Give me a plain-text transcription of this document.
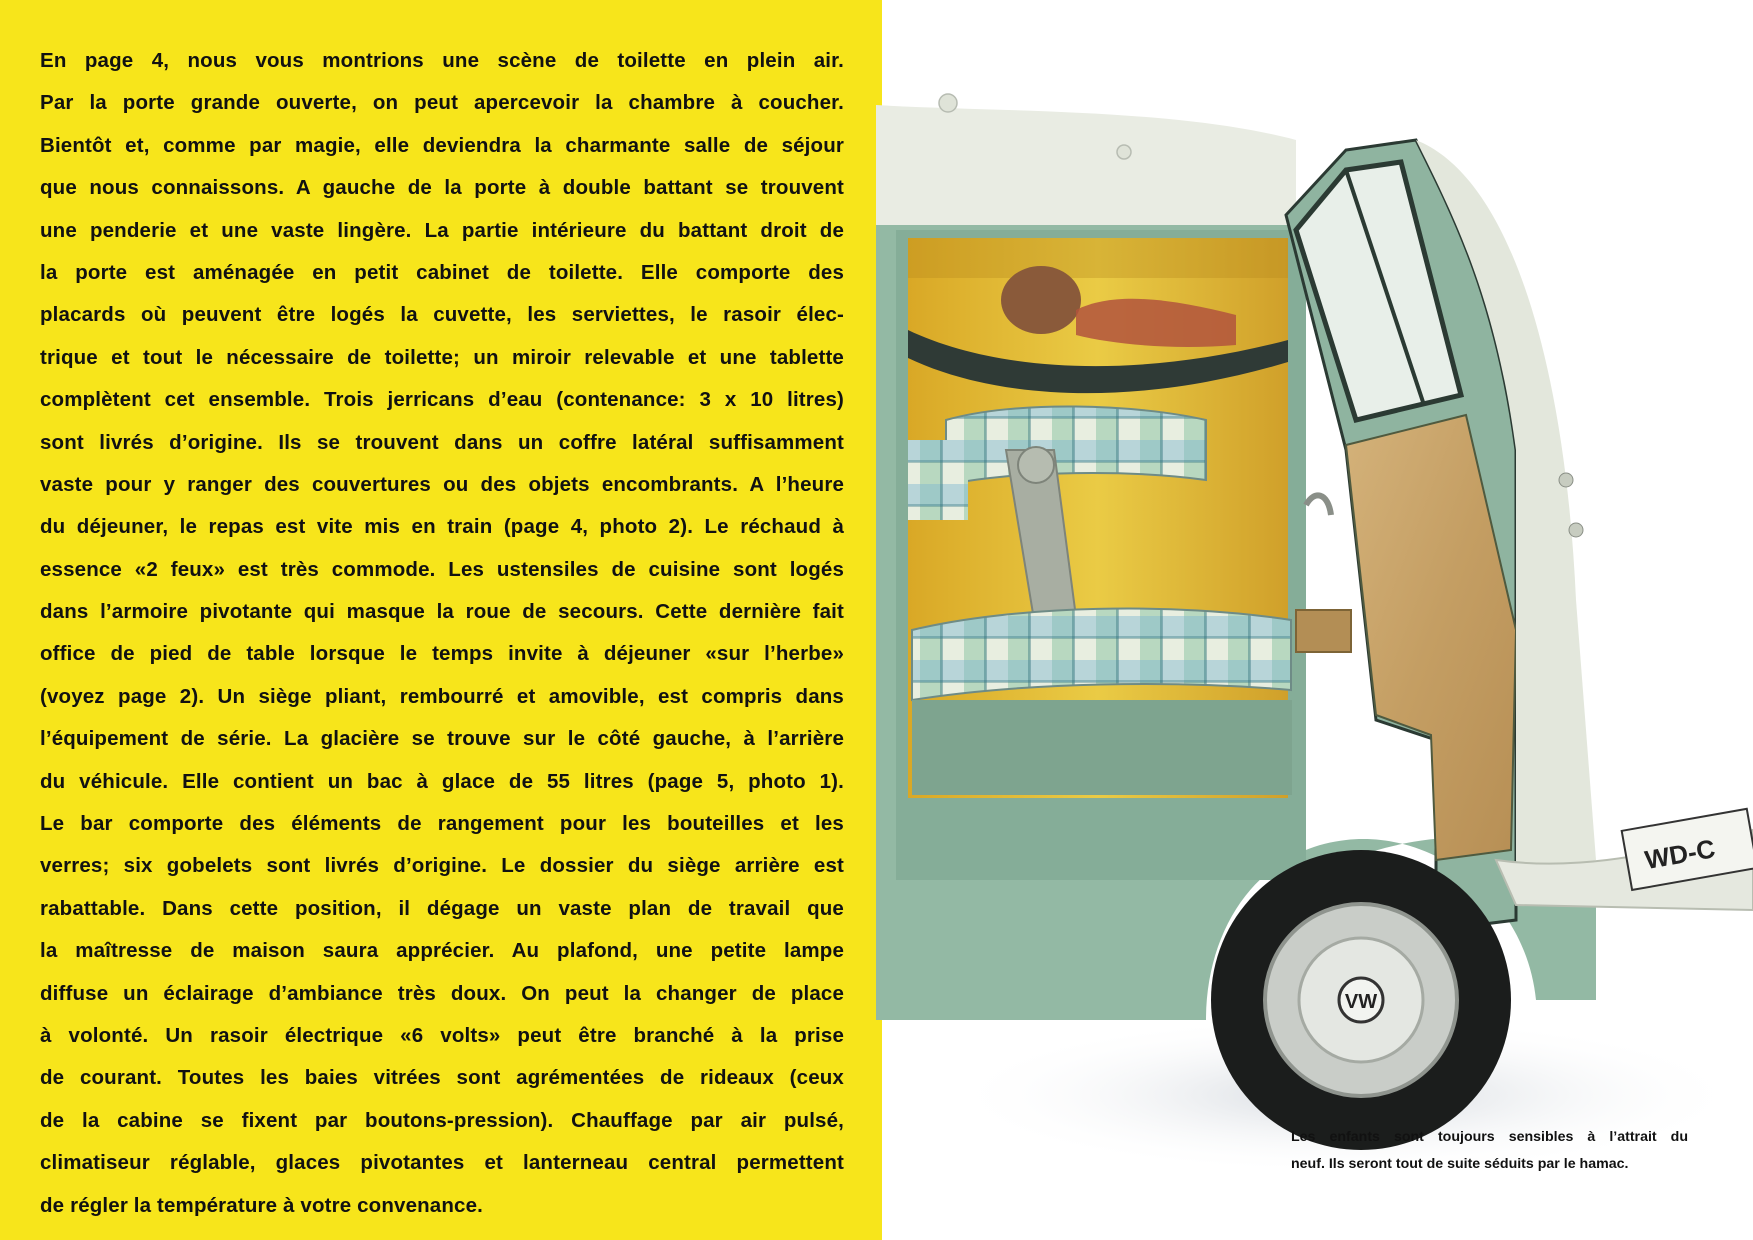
En page 4, nous vous montrions une scène de toilette en plein air.
Par la porte grande ouverte, on peut apercevoir la chambre à coucher.
Bientôt et, comme par magie, elle deviendra la charmante salle de séjour
que nous connaissons. A gauche de la porte à double battant se trouvent
une penderie et une vaste lingère. La partie intérieure du battant droit de
la porte est aménagée en petit cabinet de toilette. Elle comporte des
placards où peuvent être logés la cuvette, les serviettes, le rasoir élec-
trique et tout le nécessaire de toilette; un miroir relevable et une tablette
complètent cet ensemble. Trois jerricans d’eau (contenance: 3 x 10 litres)
sont livrés d’origine. Ils se trouvent dans un coffre latéral suffisamment
vaste pour y ranger des couvertures ou des objets encombrants. A l’heure
du déjeuner, le repas est vite mis en train (page 4, photo 2). Le réchaud à
essence «2 feux» est très commode. Les ustensiles de cuisine sont logés
dans l’armoire pivotante qui masque la roue de secours. Cette dernière fait
office de pied de table lorsque le temps invite à déjeuner «sur l’herbe»
(voyez page 2). Un siège pliant, rembourré et amovible, est compris dans
l’équipement de série. La glacière se trouve sur le côté gauche, à l’arrière
du véhicule. Elle contient un bac à glace de 55 litres (page 5, photo 1).
Le bar comporte des éléments de rangement pour les bouteilles et les
verres; six gobelets sont livrés d’origine. Le dossier du siège arrière est
rabattable. Dans cette position, il dégage un vaste plan de travail que
la maîtresse de maison saura apprécier. Au plafond, une petite lampe
diffuse un éclairage d’ambiance très doux. On peut la changer de place
à volonté. Un rasoir électrique «6 volts» peut être branché à la prise
de courant. Toutes les baies vitrées sont agrémentées de rideaux (ceux
de la cabine se fixent par boutons-pression). Chauffage par air pulsé,
climatiseur réglable, glaces pivotantes et lanterneau central permettent
de régler la température à votre convenance.
WD-C
VW
Les enfants sont toujours sensibles à l’attrait du
neuf. Ils seront tout de suite séduits par le hamac.
